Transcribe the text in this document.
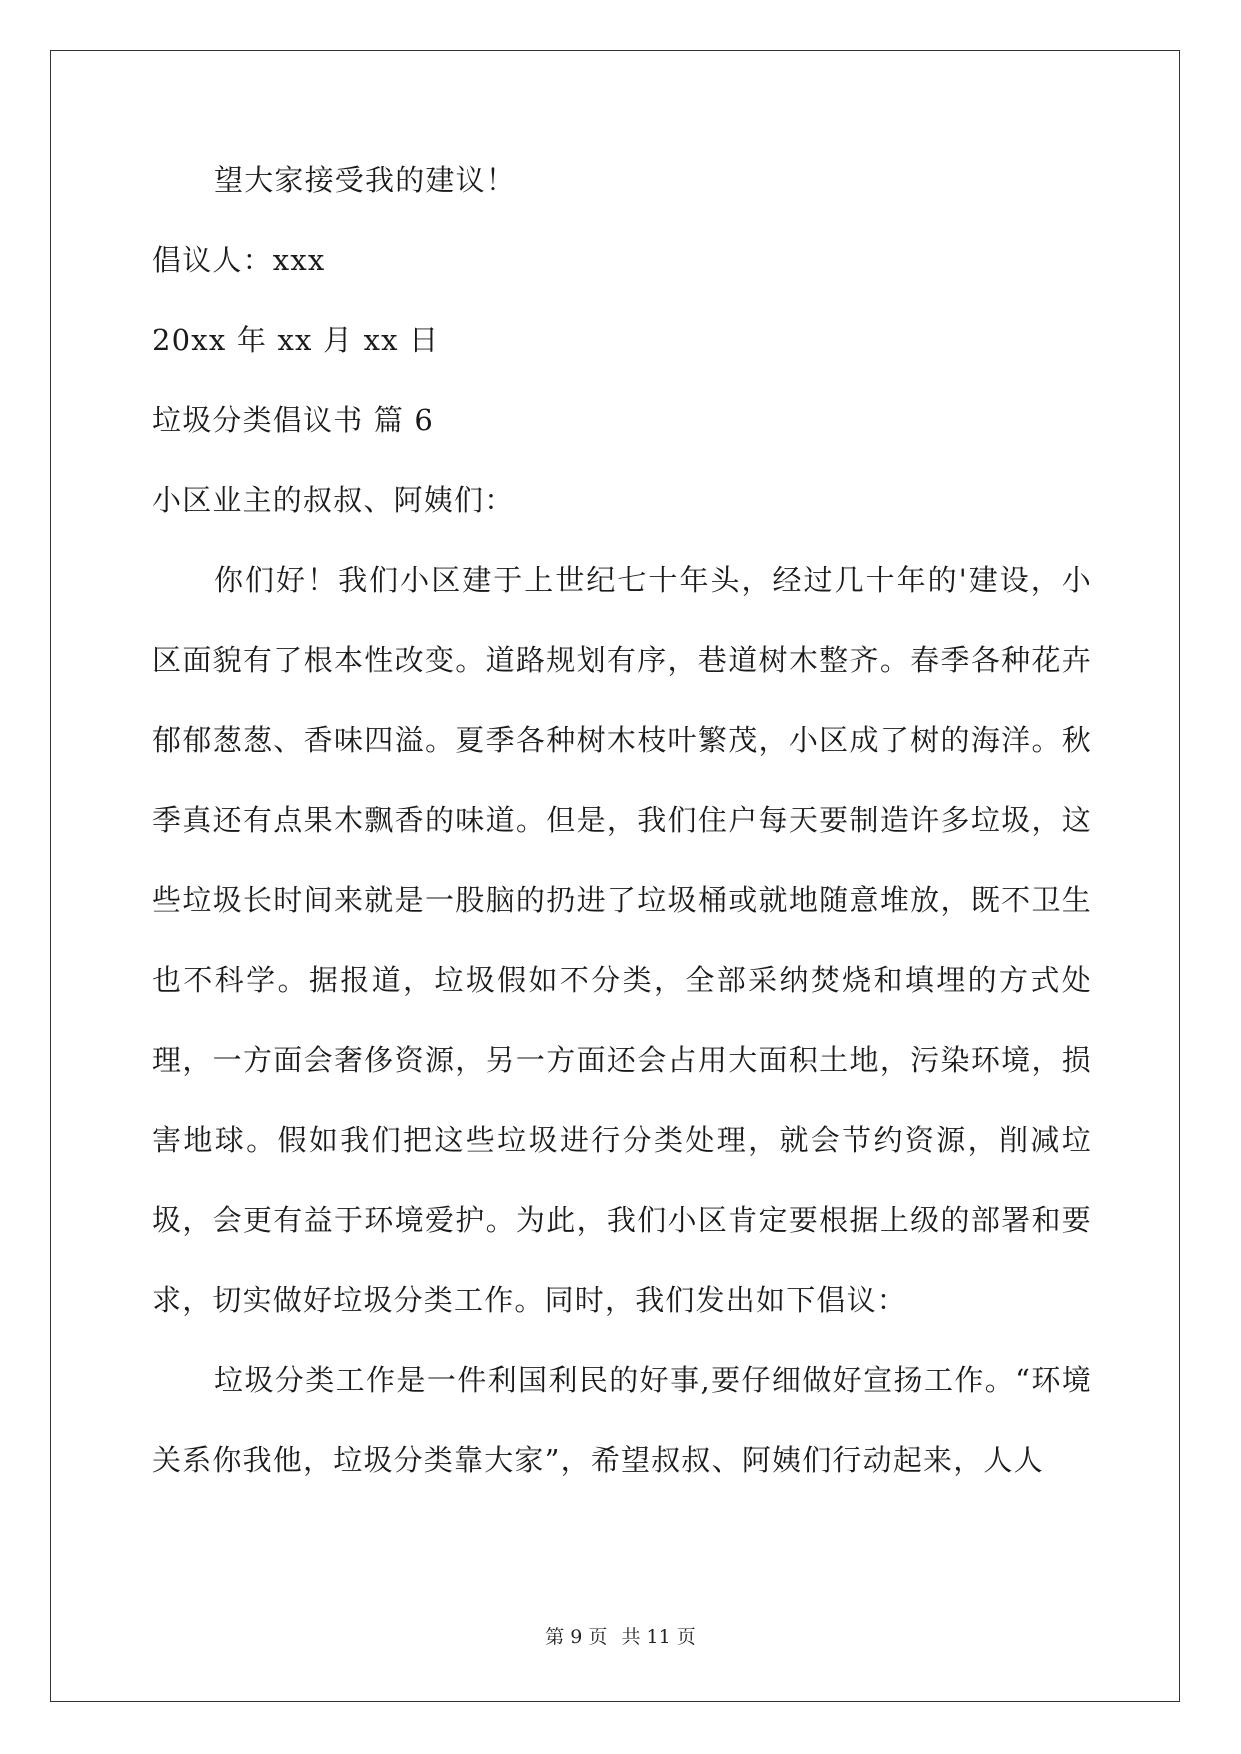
望大家接受我的建议！
倡议人：xxx
20xx 年 xx 月 xx 日
垃圾分类倡议书 篇 6
小区业主的叔叔、阿姨们：

你们好！我们小区建于上世纪七十年头，经过几十年的'建设，小区面貌有了根本性改变。道路规划有序，巷道树木整齐。春季各种花卉郁郁葱葱、香味四溢。夏季各种树木枝叶繁茂，小区成了树的海洋。秋季真还有点果木飘香的味道。但是，我们住户每天要制造许多垃圾，这些垃圾长时间来就是一股脑的扔进了垃圾桶或就地随意堆放，既不卫生也不科学。据报道，垃圾假如不分类，全部采纳焚烧和填埋的方式处理，一方面会奢侈资源，另一方面还会占用大面积土地，污染环境，损害地球。假如我们把这些垃圾进行分类处理，就会节约资源，削减垃圾，会更有益于环境爱护。为此，我们小区肯定要根据上级的部署和要求，切实做好垃圾分类工作。同时，我们发出如下倡议：

垃圾分类工作是一件利国利民的好事,要仔细做好宣扬工作。“环境关系你我他，垃圾分类靠大家”，希望叔叔、阿姨们行动起来，人人

第 9 页 共 11 页
